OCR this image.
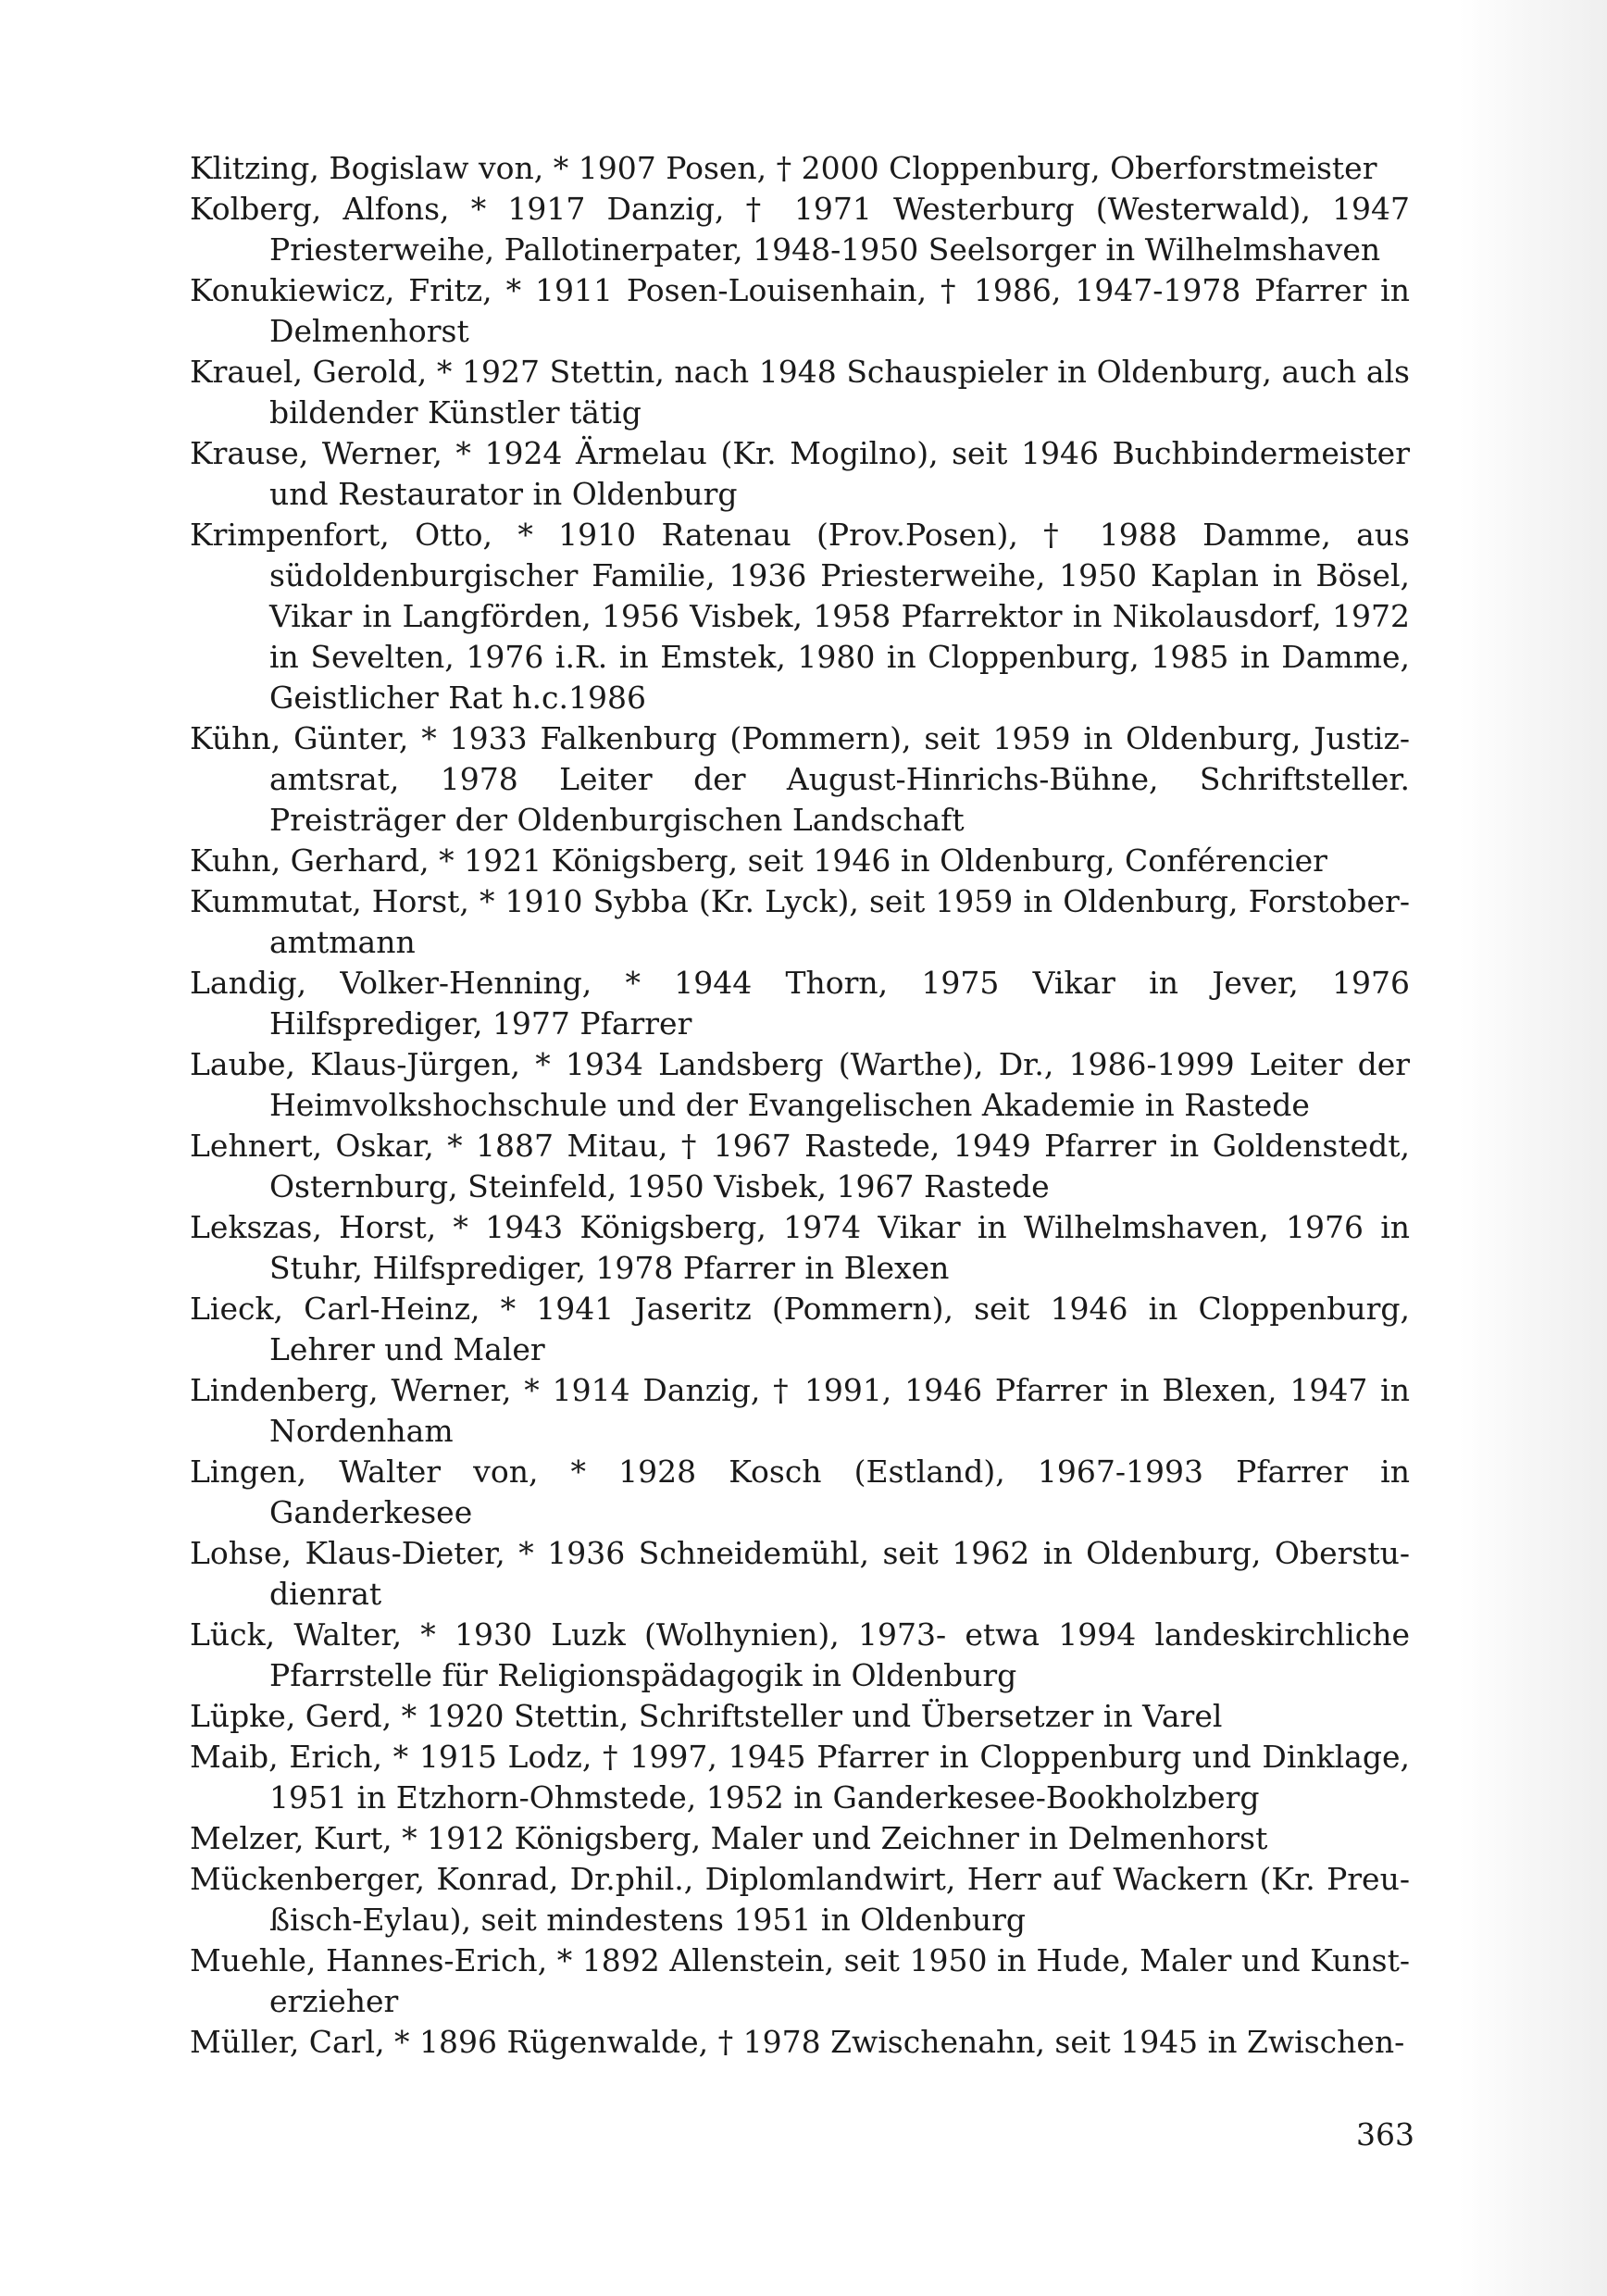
Klitzing, Bogislaw von, * 1907 Posen, † 2000 Cloppenburg, Oberforstmeister

Kolberg, Alfons, * 1917 Danzig, † 1971 Westerburg (Westerwald), 1947 Priesterweihe, Pallotinerpater, 1948-1950 Seelsorger in Wilhelmshaven

Konukiewicz, Fritz, * 1911 Posen-Louisenhain, † 1986, 1947-1978 Pfarrer in Delmenhorst

Krauel, Gerold, * 1927 Stettin, nach 1948 Schauspieler in Oldenburg, auch als bildender Künstler tätig

Krause, Werner, * 1924 Ärmelau (Kr. Mogilno), seit 1946 Buchbindermeister und Restaurator in Oldenburg

Krimpenfort, Otto, * 1910 Ratenau (Prov.Posen), † 1988 Damme, aus südoldenburgischer Familie, 1936 Priesterweihe, 1950 Kaplan in Bösel, Vikar in Langförden, 1956 Visbek, 1958 Pfarrektor in Nikolausdorf, 1972 in Sevelten, 1976 i.R. in Emstek, 1980 in Cloppenburg, 1985 in Damme, Geistlicher Rat h.c.1986

Kühn, Günter, * 1933 Falkenburg (Pommern), seit 1959 in Oldenburg, Justizamtsrat, 1978 Leiter der August-Hinrichs-Bühne, Schriftsteller. Preisträger der Oldenburgischen Landschaft

Kuhn, Gerhard, * 1921 Königsberg, seit 1946 in Oldenburg, Conférencier

Kummutat, Horst, * 1910 Sybba (Kr. Lyck), seit 1959 in Oldenburg, Forstoberamtmann

Landig, Volker-Henning, * 1944 Thorn, 1975 Vikar in Jever, 1976 Hilfsprediger, 1977 Pfarrer

Laube, Klaus-Jürgen, * 1934 Landsberg (Warthe), Dr., 1986-1999 Leiter der Heimvolkshochschule und der Evangelischen Akademie in Rastede

Lehnert, Oskar, * 1887 Mitau, † 1967 Rastede, 1949 Pfarrer in Goldenstedt, Osternburg, Steinfeld, 1950 Visbek, 1967 Rastede

Lekszas, Horst, * 1943 Königsberg, 1974 Vikar in Wilhelmshaven, 1976 in Stuhr, Hilfsprediger, 1978 Pfarrer in Blexen

Lieck, Carl-Heinz, * 1941 Jaseritz (Pommern), seit 1946 in Cloppenburg, Lehrer und Maler

Lindenberg, Werner, * 1914 Danzig, † 1991, 1946 Pfarrer in Blexen, 1947 in Nordenham

Lingen, Walter von, * 1928 Kosch (Estland), 1967-1993 Pfarrer in Ganderkesee

Lohse, Klaus-Dieter, * 1936 Schneidemühl, seit 1962 in Oldenburg, Oberstudienrat

Lück, Walter, * 1930 Luzk (Wolhynien), 1973- etwa 1994 landeskirchliche Pfarrstelle für Religionspädagogik in Oldenburg

Lüpke, Gerd, * 1920 Stettin, Schriftsteller und Übersetzer in Varel

Maib, Erich, * 1915 Lodz, † 1997, 1945 Pfarrer in Cloppenburg und Dinklage, 1951 in Etzhorn-Ohmstede, 1952 in Ganderkesee-Bookholzberg

Melzer, Kurt, * 1912 Königsberg, Maler und Zeichner in Delmenhorst

Mückenberger, Konrad, Dr.phil., Diplomlandwirt, Herr auf Wackern (Kr. Preußisch-Eylau), seit mindestens 1951 in Oldenburg

Muehle, Hannes-Erich, * 1892 Allenstein, seit 1950 in Hude, Maler und Kunsterzieher

Müller, Carl, * 1896 Rügenwalde, † 1978 Zwischenahn, seit 1945 in Zwischen-

363
